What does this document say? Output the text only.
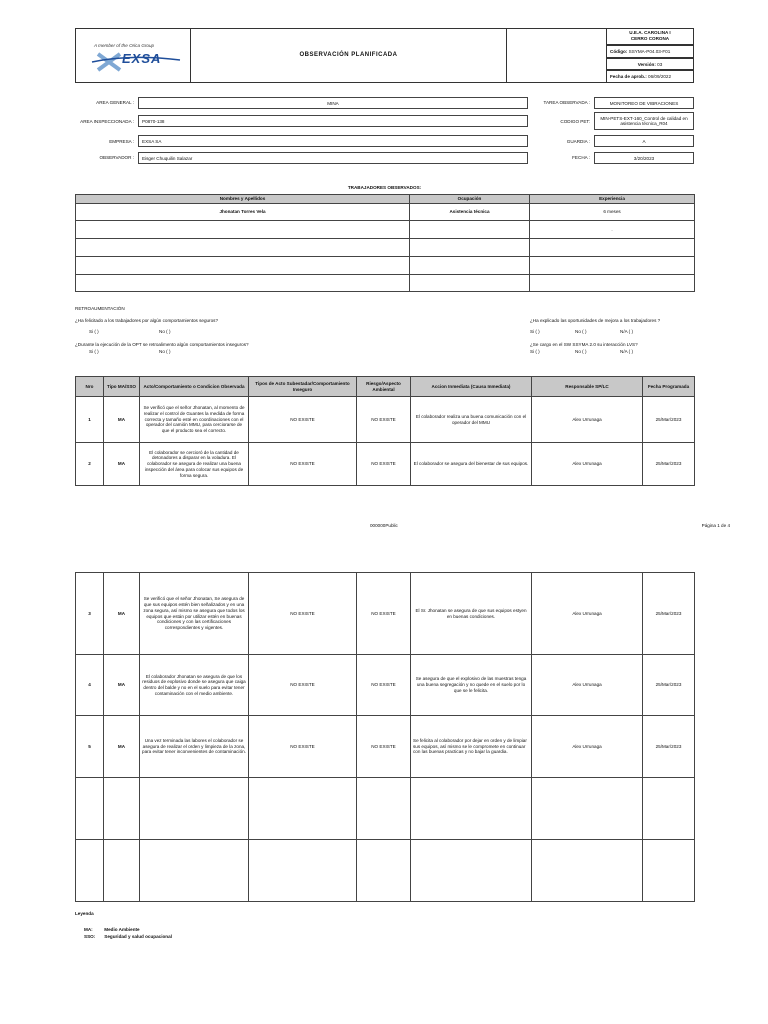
A member of the Orica Group
EXSA	OBSERVACIÓN PLANIFICADA
U.E.A. CAROLINA I
CERRO CORONA
Código: SSYMA-P04.03-F01
Versión: 03
Fecha de aprob.: 06/09/2022
AREA GENERAL :	MINA
AREA INSPECCIONADA : P0870-138
EMPRESA : EXSA SA
OBSERVADOR : Eisger Chuquilin Salazar
TAREA OBSERVADA :	MONITOREO DE VIBRACIONES
CODIGO PET:
MIN-PETS-EXT-160_Control de calidad en asistencia técnica_R04
GUARDIA :	A
FECHA :	3/20/2023
TRABAJADORES OBSERVADOS:
Nombres y Apellidos	Ocupación	Experiencia
Jhonatan Torres Vela	Asistencia técnica	6 meses
		.

RETROAUMENTACIÓN
¿Ha felicitado a los trabajadores por algún comportamientos seguros?
Si ( )	No ( )
¿Durante la ejecución de la OPT se retroalimento algún comportamientos inseguros?
Si ( )	No ( )
¿Ha explicado las oportunidades de mejora a los trabajadores ?
Si ( )	No ( )	N/A ( )
¿Se cargo en el SW SSYMA 2.0 su interacción LVS?
Si ( )	No ( )	N/A ( )
Nro	Tipo MA/SSO	Acto/Comportamiento o Condicion Observada	Tipos de Acto Subestadar/Comportamiento Inseguro	Riesgo/Aspecto Ambiental	Accion Inmediata (Causa Inmediata)	Responsable SP/LC	Fecha Programada
1	MA	Se verificó que el señor Jhonatan, al momento de realizar el control de Guantes la medida de forma correcta y tamaño esté en coordinaciones con el operador del camión MMU, para cerciorarse de que el producto sea el correcto.	NO EXISTE	NO EXISTE	El colaborador realiza una buena comunicación con el operador del MMU	Alex Urrunaga	25/Mar/2023
2	MA	El colaborador se cercioró de la cantidad de detonadores a disparar en la voladura. El colaborador se asegura de realizar una buena inspección del área para colocar sus equipos de forma segura.	NO EXISTE	NO EXISTE	El colaborador se asegura del bienestar de sus equipos.	Alex Urrunaga	25/Mar/2023
000000Public	Página 1 de 4
3	MA	Se verificó que el señor Jhonatan, Se asegura de que sus equipos estén bien señalizados y en una zona segura, así mismo se asegura que todos los equipos que están por utilizar estén en buenas condiciones y con las certificaciones correspondientes y vigentes.	NO EXISTE	NO EXISTE	El Sr. Jhonatan se asegura de que sus equipos estyen en buenas condiciones.	Alex Urrunaga	25/Mar/2023
4	MA	El colaborador Jhonatan se asegura de que los residuos de explosivo donde se asegura que caiga dentro del balde y no en el suelo para evitar tener contaminación con el medio ambiente.	NO EXISTE	NO EXISTE	Se asegura de que el explosivo de las muestras tenga una buena segregación y no quede en el suelo por lo que se le felicita.	Alex Urrunaga	25/Mar/2023
5	MA	Una vez terminada las labores el colaborador se asegura de realizar el orden y limpieza de la zona, para evitar tener inconvenientes de contaminación.	NO EXISTE	NO EXISTE	Se felicita al colaborador por dejar en orden y de limpiar sus equipos, así mismo se le compromete en continuar con las buenas practicas y no bajar la guardia.	Alex Urrunaga	25/Mar/2023

Leyenda
MA:	Medio Ambiente
SSO: Seguridad y salud ocupacional
